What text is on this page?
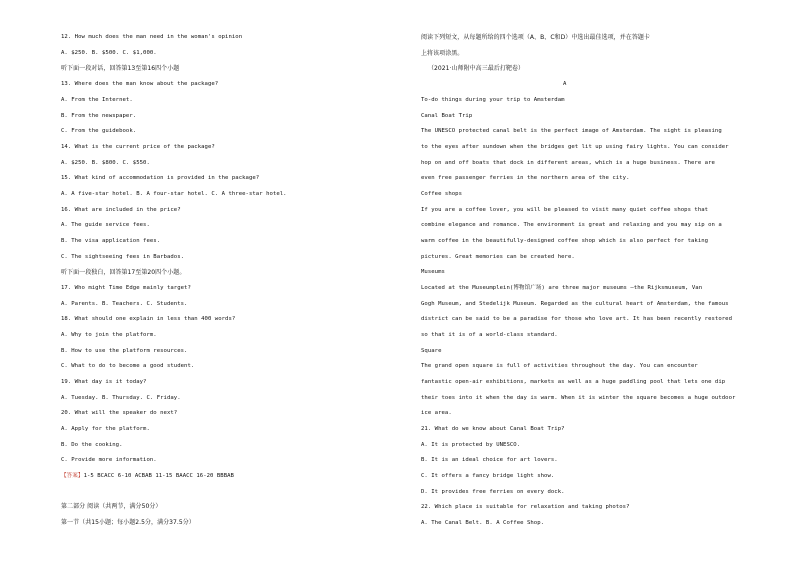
12. How much does the man need in the woman's opinion
A. $250. B. $500. C. $1,000.
听下面一段对话，回答第13至第16四个小题
13. Where does the man know about the package?
A. From the Internet.
B. From the newspaper.
C. From the guidebook.
14. What is the current price of the package?
A. $250. B. $800. C. $550.
15. What kind of accommodation is provided in the package?
A. A five-star hotel. B. A four-star hotel. C. A three-star hotel.
16. What are included in the price?
A. The guide service fees.
B. The visa application fees.
C. The sightseeing fees in Barbados.
听下面一段独白，回答第17至第20四个小题。
17. Who might Time Edge mainly target?
A. Parents. B. Teachers. C. Students.
18. What should one explain in less than 400 words?
A. Why to join the platform.
B. How to use the platform resources.
C. What to do to become a good student.
19. What day is it today?
A. Tuesday. B. Thursday. C. Friday.
20. What will the speaker do next?
A. Apply for the platform.
B. Do the cooking.
C. Provide more information.
【答案】1-5 BCACC 6-10 ACBAB 11-15 BAACC 16-20 BBBAB
第二部分 阅读（共两节，满分50分）
第一节（共15小题；每小题2.5分，满分37.5分）
阅读下列短文，从每题所给的四个选项（A、B、C和D）中选出最佳选项，并在答题卡
上将该项涂黑。
（2021·山师附中高三最后打靶卷）
A
To-do things during your trip to Amsterdam
Canal Boat Trip
The UNESCO protected canal belt is the perfect image of Amsterdam. The sight is pleasing
to the eyes after sundown when the bridges get lit up using fairy lights. You can consider
hop on and off boats that dock in different areas, which is a huge business. There are
even free passenger ferries in the northern area of the city.
Coffee shops
If you are a coffee lover, you will be pleased to visit many quiet coffee shops that
combine elegance and romance. The environment is great and relaxing and you may sip on a
warm coffee in the beautifully-designed coffee shop which is also perfect for taking
pictures. Great memories can be created here.
Museums
Located at the Museumplein(博物馆广场) are three major museums —the Rijksmuseum, Van
Gogh Museum, and Stedelijk Museum. Regarded as the cultural heart of Amsterdam, the famous
district can be said to be a paradise for those who love art. It has been recently restored
so that it is of a world-class standard.
Square
The grand open square is full of activities throughout the day. You can encounter
fantastic open-air exhibitions, markets as well as a huge paddling pool that lets one dip
their toes into it when the day is warm. When it is winter the square becomes a huge outdoor
ice area.
21. What do we know about Canal Boat Trip?
A. It is protected by UNESCO.
B. It is an ideal choice for art lovers.
C. It offers a fancy bridge light show.
D. It provides free ferries on every dock.
22. Which place is suitable for relaxation and taking photos?
A. The Canal Belt. B. A Coffee Shop.
